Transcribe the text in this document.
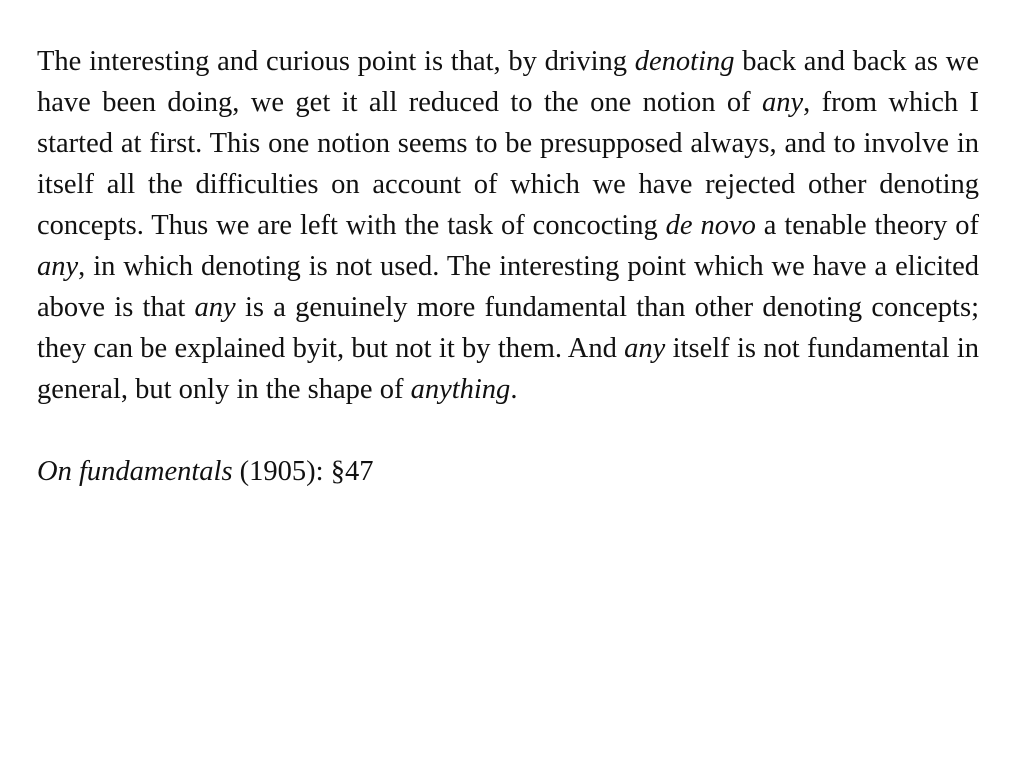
The interesting and curious point is that, by driving denoting back and back as we have been doing, we get it all reduced to the one notion of any, from which I started at first. This one notion seems to be presupposed always, and to involve in itself all the difficulties on account of which we have rejected other denoting concepts. Thus we are left with the task of concocting de novo a tenable theory of any, in which denoting is not used. The interesting point which we have a elicited above is that any is a genuinely more fundamental than other denoting concepts; they can be explained byit, but not it by them. And any itself is not fundamental in general, but only in the shape of anything.

On fundamentals (1905): §47
